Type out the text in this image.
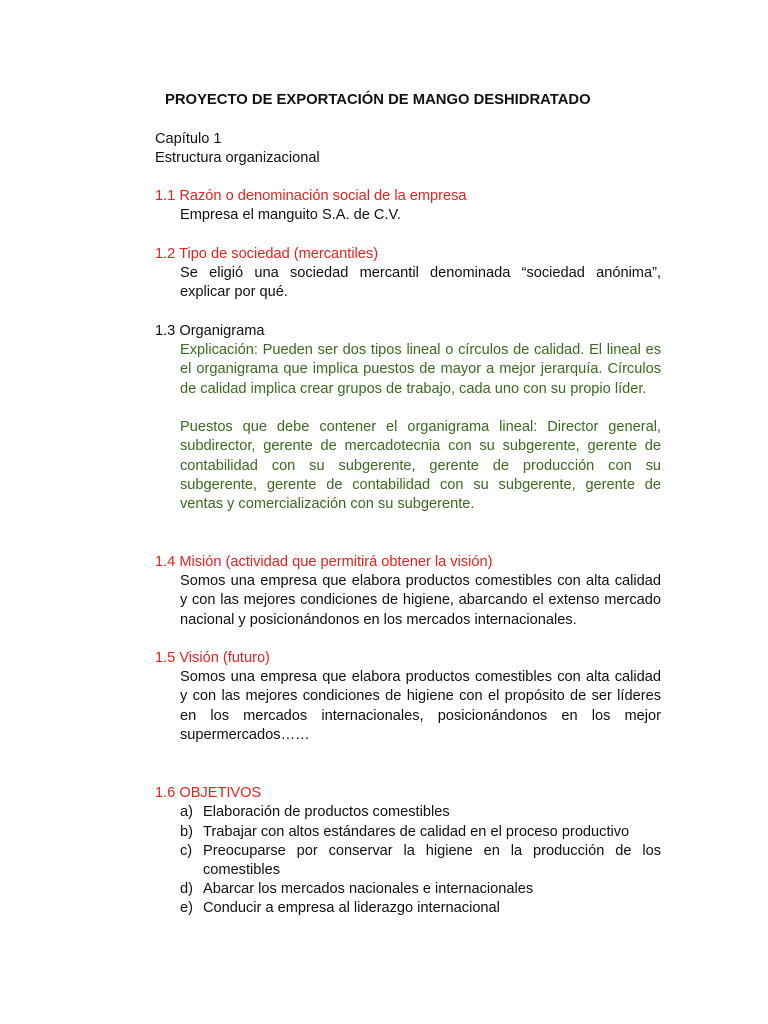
PROYECTO DE EXPORTACIÓN DE MANGO DESHIDRATADO
Capítulo 1
Estructura organizacional
1.1 Razón o denominación social de la empresa
Empresa el manguito S.A. de C.V.
1.2 Tipo de sociedad (mercantiles)
Se eligió una sociedad mercantil denominada “sociedad anónima”, explicar por qué.
1.3 Organigrama
Explicación: Pueden ser dos tipos lineal o círculos de calidad. El lineal es el organigrama que implica puestos de mayor a mejor jerarquía. Círculos de calidad implica crear grupos de trabajo, cada uno con su propio líder.
Puestos que debe contener el organigrama lineal: Director general, subdirector, gerente de mercadotecnia con su subgerente, gerente de contabilidad con su subgerente, gerente de producción con su subgerente, gerente de contabilidad con su subgerente, gerente de ventas y comercialización con su subgerente.
1.4 Misión (actividad que permitirá obtener la visión)
Somos una empresa que elabora productos comestibles con alta calidad y con las mejores condiciones de higiene, abarcando el extenso mercado nacional y posicionándonos en los mercados internacionales.
1.5 Visión (futuro)
Somos una empresa que elabora productos comestibles con alta calidad y con las mejores condiciones de higiene con el propósito de ser líderes en los mercados internacionales, posicionándonos en los mejor supermercados……
1.6 OBJETIVOS
a) Elaboración de productos comestibles
b) Trabajar con altos estándares de calidad en el proceso productivo
c) Preocuparse por conservar la higiene en la producción de los comestibles
d) Abarcar los mercados nacionales e internacionales
e) Conducir a empresa al liderazgo internacional
